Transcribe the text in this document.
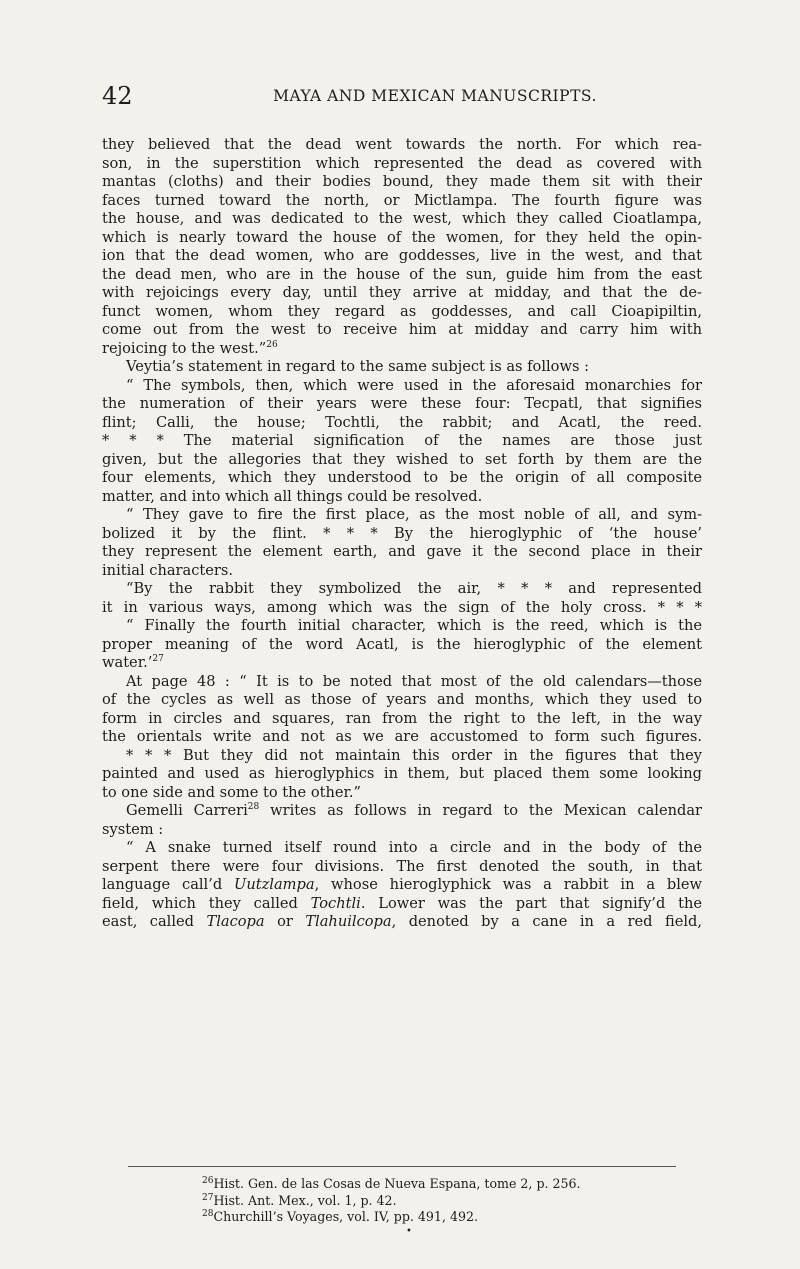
42	MAYA AND MEXICAN MANUSCRIPTS.
they believed that the dead went towards the north. For which rea-
son, in the superstition which represented the dead as covered with
mantas (cloths) and their bodies bound, they made them sit with their
faces turned toward the north, or Mictlampa. The fourth figure was
the house, and was dedicated to the west, which they called Cioatlampa,
which is nearly toward the house of the women, for they held the opin-
ion that the dead women, who are goddesses, live in the west, and that
the dead men, who are in the house of the sun, guide him from the east
with rejoicings every day, until they arrive at midday, and that the de-
funct women, whom they regard as goddesses, and call Cioapipiltin,
come out from the west to receive him at midday and carry him with
rejoicing to the west.”$^{26}$
Veytia’s statement in regard to the same subject is as follows :
“ The symbols, then, which were used in the aforesaid monarchies for
the numeration of their years were these four: Tecpatl, that signifies
flint; Calli, the house; Tochtli, the rabbit; and Acatl, the reed.
* * * The material signification of the names are those just
given, but the allegories that they wished to set forth by them are the
four elements, which they understood to be the origin of all composite
matter, and into which all things could be resolved.
“ They gave to fire the first place, as the most noble of all, and sym-
bolized it by the flint. * * * By the hieroglyphic of ‘the house’
they represent the element earth, and gave it the second place in their
initial characters.
“By the rabbit they symbolized the air, * * * and represented
it in various ways, among which was the sign of the holy cross. * * *
“ Finally the fourth initial character, which is the reed, which is the
proper meaning of the word Acatl, is the hieroglyphic of the element
water.’$^{27}$
At page 48 : “ It is to be noted that most of the old calendars—those
of the cycles as well as those of years and months, which they used to
form in circles and squares, ran from the right to the left, in the way
the orientals write and not as we are accustomed to form such figures.
* * * But they did not maintain this order in the figures that they
painted and used as hieroglyphics in them, but placed them some looking
to one side and some to the other.”
Gemelli Carreri$^{28}$ writes as follows in regard to the Mexican calendar
system :
“ A snake turned itself round into a circle and in the body of the
serpent there were four divisions. The first denoted the south, in that
language call’d Uutzlampa, whose hieroglyphick was a rabbit in a blew
field, which they called Tochtli. Lower was the part that signify’d the
east, called Tlacopa or Tlahuilcopa, denoted by a cane in a red field,
$^{26}$Hist. Gen. de las Cosas de Nueva Espana, tome 2, p. 256.
$^{27}$Hist. Ant. Mex., vol. 1, p. 42.
$^{28}$Churchill’s Voyages, vol. IV, pp. 491, 492.
•
